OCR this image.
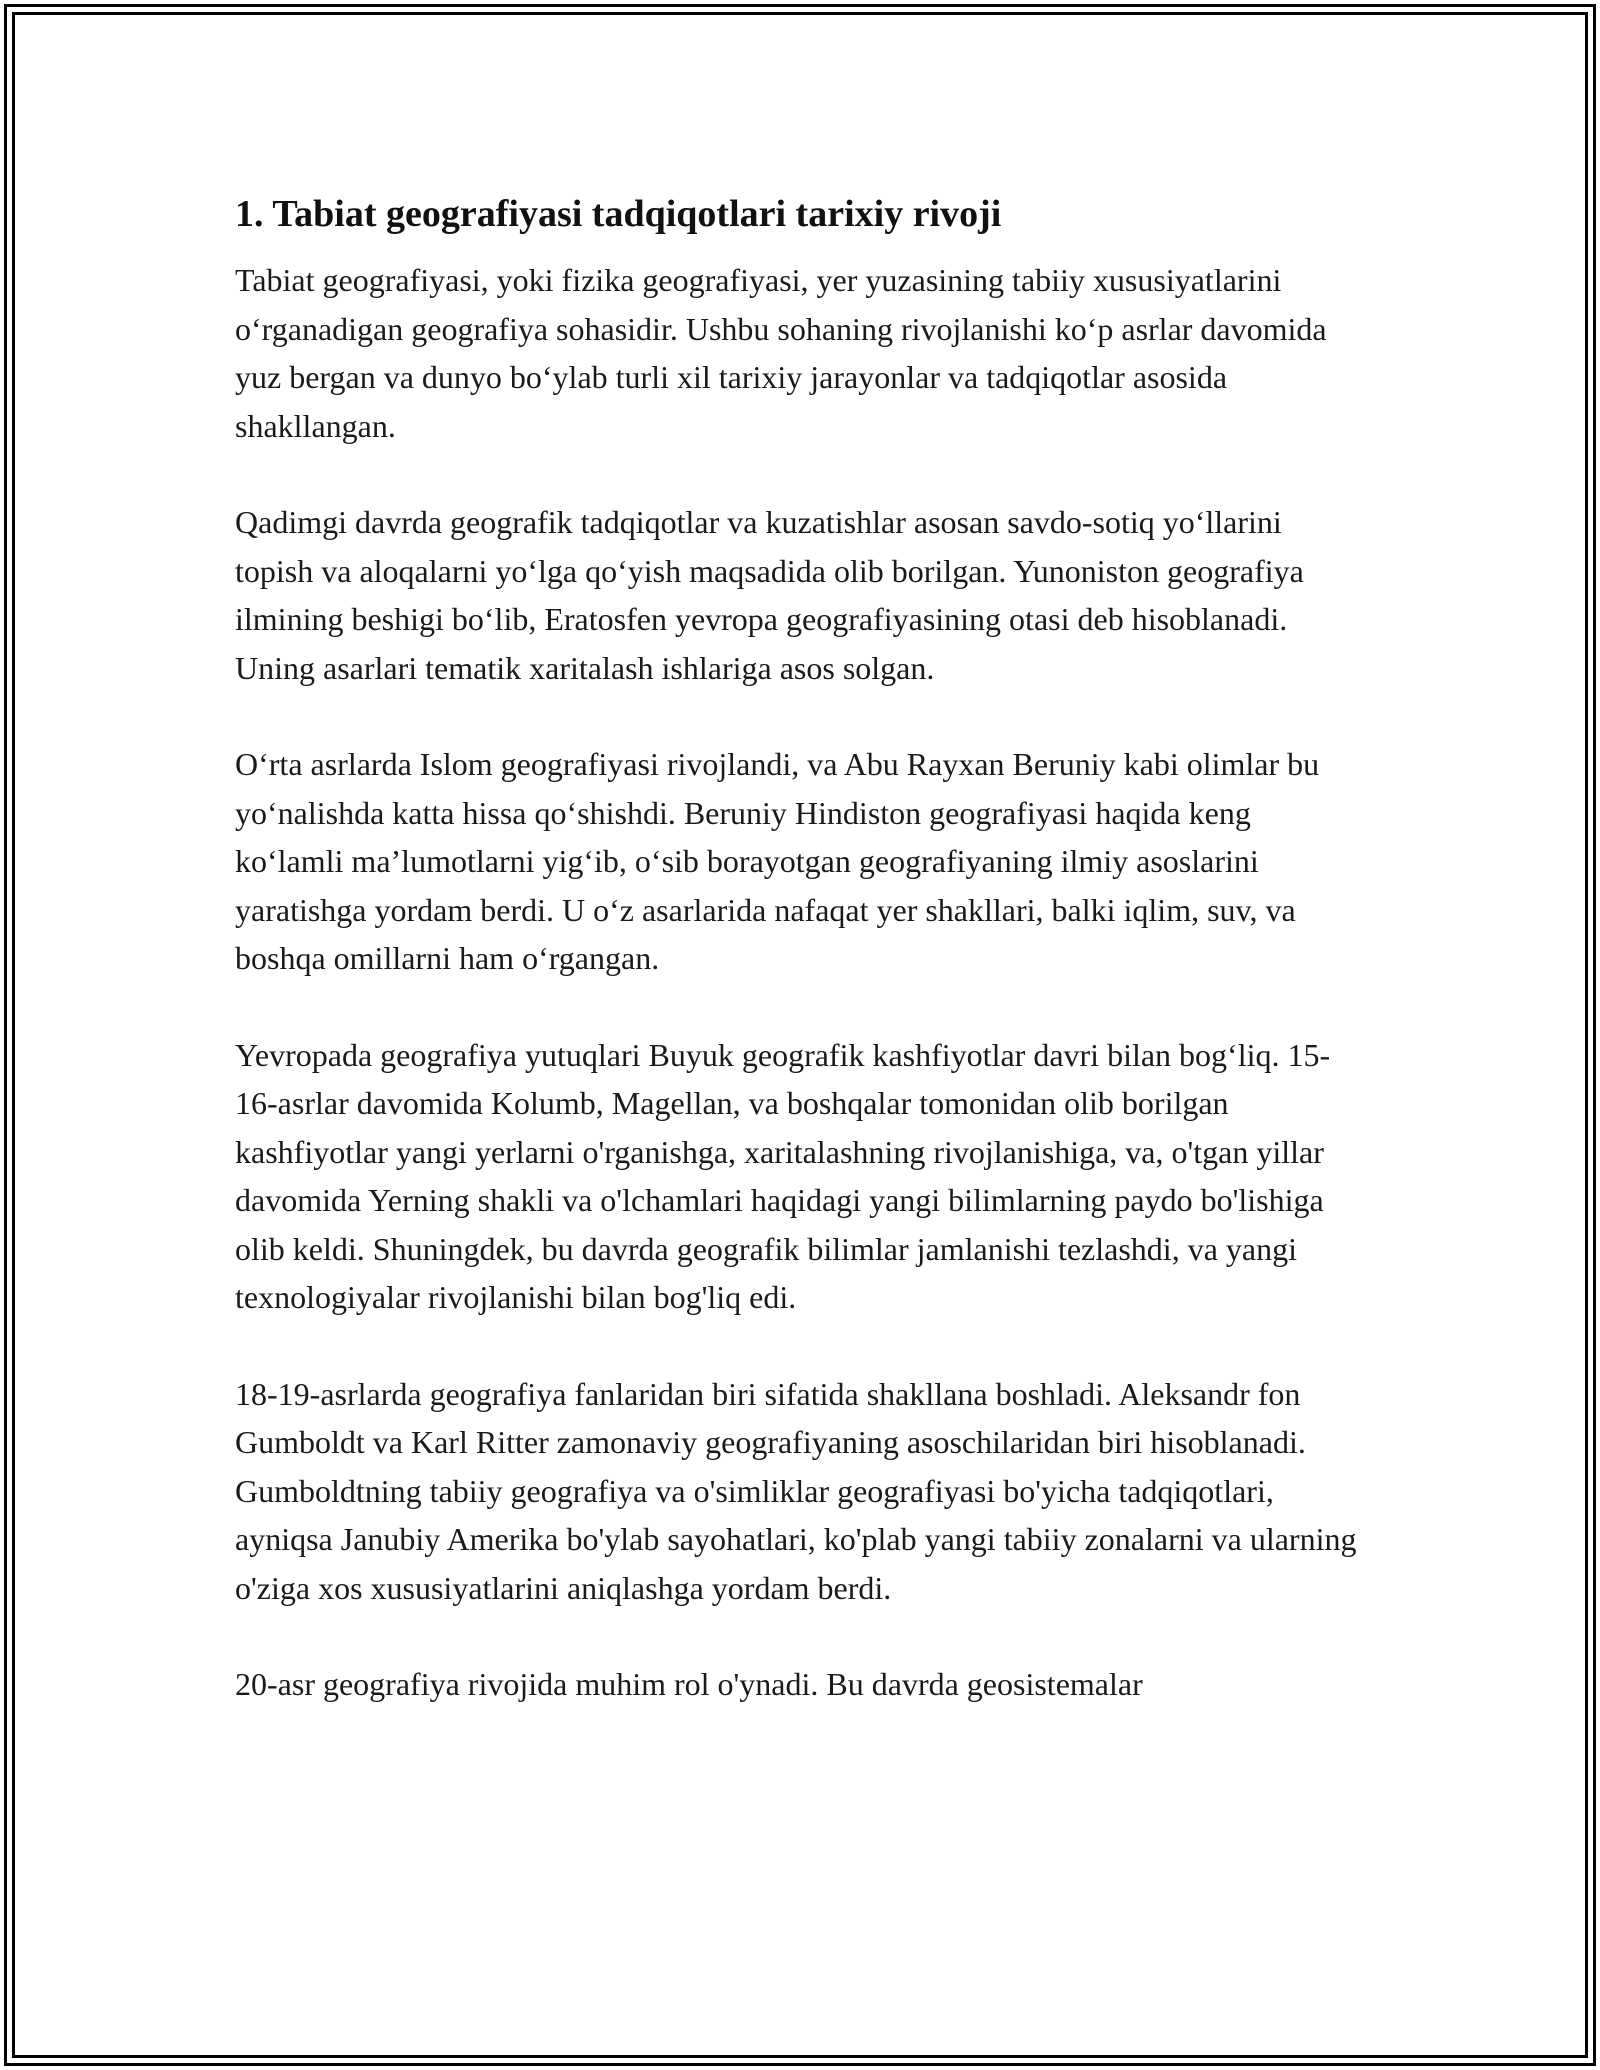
1. Tabiat geografiyasi tadqiqotlari tarixiy rivoji

Tabiat geografiyasi, yoki fizika geografiyasi, yer yuzasining tabiiy xususiyatlarini o‘rganadigan geografiya sohasidir. Ushbu sohaning rivojlanishi ko‘p asrlar davomida yuz bergan va dunyo bo‘ylab turli xil tarixiy jarayonlar va tadqiqotlar asosida shakllangan.

Qadimgi davrda geografik tadqiqotlar va kuzatishlar asosan savdo-sotiq yo‘llarini topish va aloqalarni yo‘lga qo‘yish maqsadida olib borilgan. Yunoniston geografiya ilmining beshigi bo‘lib, Eratosfen yevropa geografiyasining otasi deb hisoblanadi. Uning asarlari tematik xaritalash ishlariga asos solgan.

O‘rta asrlarda Islom geografiyasi rivojlandi, va Abu Rayxan Beruniy kabi olimlar bu yo‘nalishda katta hissa qo‘shishdi. Beruniy Hindiston geografiyasi haqida keng ko‘lamli ma’lumotlarni yig‘ib, o‘sib borayotgan geografiyaning ilmiy asoslarini yaratishga yordam berdi. U o‘z asarlarida nafaqat yer shakllari, balki iqlim, suv, va boshqa omillarni ham o‘rgangan.

Yevropada geografiya yutuqlari Buyuk geografik kashfiyotlar davri bilan bog‘liq. 15-16-asrlar davomida Kolumb, Magellan, va boshqalar tomonidan olib borilgan kashfiyotlar yangi yerlarni o'rganishga, xaritalashning rivojlanishiga, va, o'tgan yillar davomida Yerning shakli va o'lchamlari haqidagi yangi bilimlarning paydo bo'lishiga olib keldi. Shuningdek, bu davrda geografik bilimlar jamlanishi tezlashdi, va yangi texnologiyalar rivojlanishi bilan bog'liq edi.

18-19-asrlarda geografiya fanlaridan biri sifatida shakllana boshladi. Aleksandr fon Gumboldt va Karl Ritter zamonaviy geografiyaning asoschilaridan biri hisoblanadi. Gumboldtning tabiiy geografiya va o'simliklar geografiyasi bo'yicha tadqiqotlari, ayniqsa Janubiy Amerika bo'ylab sayohatlari, ko'plab yangi tabiiy zonalarni va ularning o'ziga xos xususiyatlarini aniqlashga yordam berdi.

20-asr geografiya rivojida muhim rol o'ynadi. Bu davrda geosistemalar
